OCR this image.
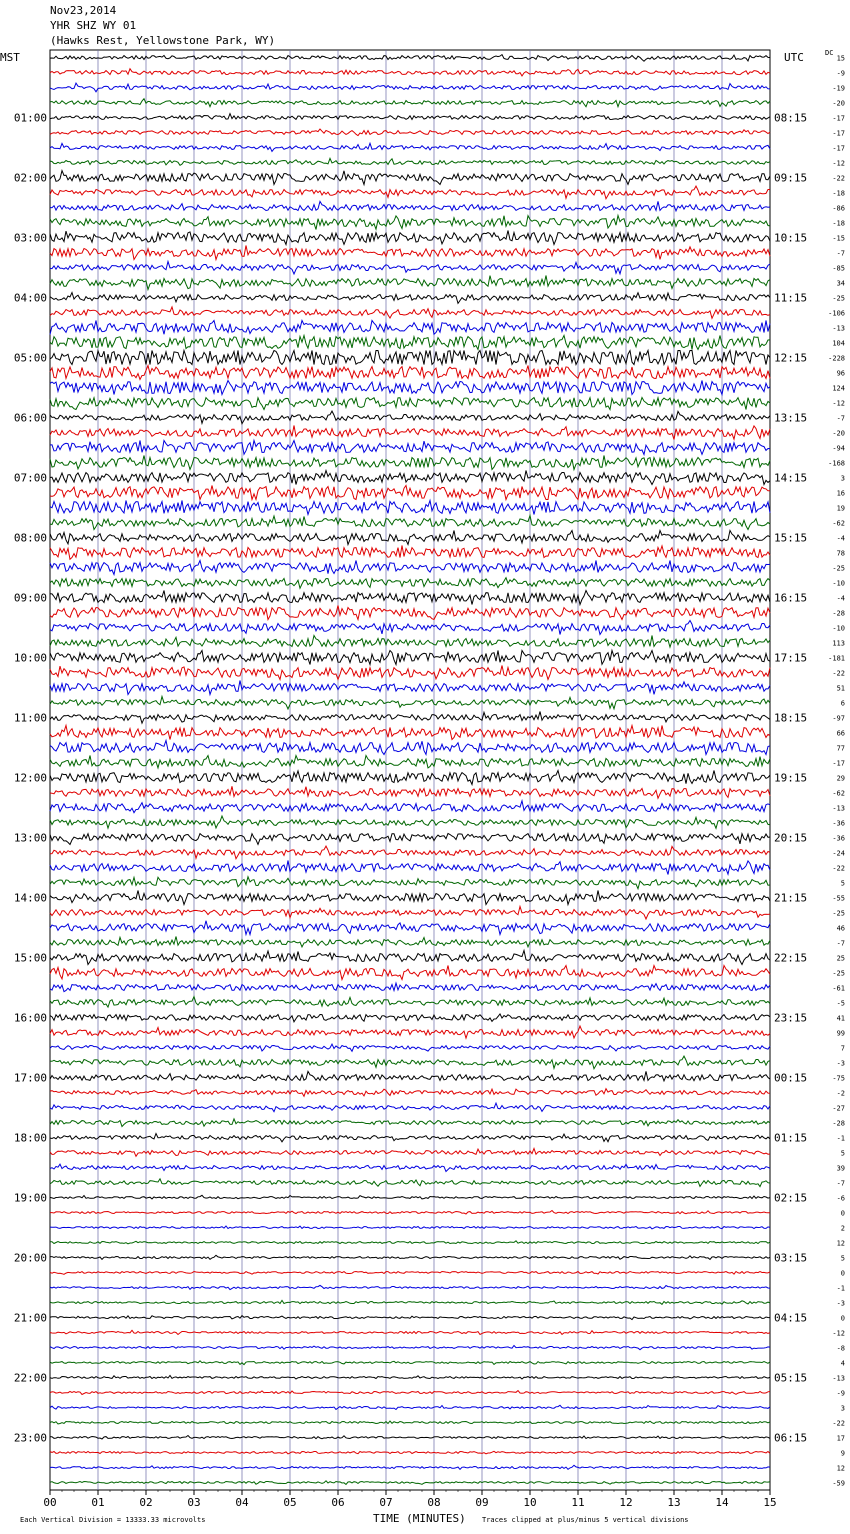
Nov23,2014
YHR SHZ WY 01
(Hawks Rest, Yellowstone Park, WY)
MST	UTC	DC
00	01	02	03	04	05	06	07	08	09	10	11	12	13	14	15
15
-9
-19
-20
-17
01:00	08:15
-17
-17
-12
-22
02:00	09:15
-18
-86
-18
-15
03:00	10:15
-7
-85
34
-25
04:00	11:15
-106
-13
104
-228
05:00	12:15
96
124
-12
-7
06:00	13:15
-20
-94
-168
3
07:00	14:15
16
19
-62
-4
08:00	15:15
78
-25
-10
-4
09:00	16:15
-28
-10
113
-181
10:00	17:15
-22
51
6
-97
11:00	18:15
66
77
-17
29
12:00	19:15
-62
-13
-36
-36
13:00	20:15
-24
-22
5
-55
14:00	21:15
-25
46
-7
25
15:00	22:15
-25
-61
-5
41
16:00	23:15
99
7
-3
-75
17:00	00:15
-2
-27
-28
-1
18:00	01:15
5
39
-7
-6
19:00	02:15
0
2
12
5
20:00	03:15
0
-1
-3
0
21:00	04:15
-12
-8
4
-13
22:00	05:15
-9
3
-22
17
23:00	06:15
9
12
-59
Each Vertical Division = 13333.33 microvolts	TIME (MINUTES) Traces clipped at plus/minus 5 vertical divisions
